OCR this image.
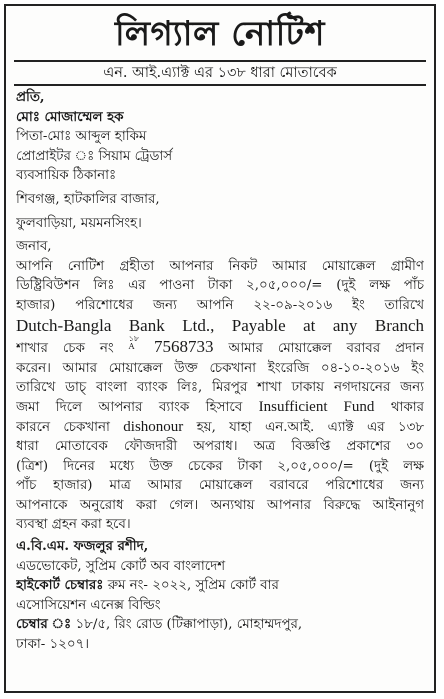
লিগ্যাল নোটিশ
এন. আই.এ্যাক্ট এর ১৩৮ ধারা মোতাবেক
প্রতি,
মোঃ মোজাম্মেল হক
পিতা-মোঃ আব্দুল হাকিম
প্রোপ্রাইটর ঃ সিয়াম ট্রেডার্স
ব্যবসায়িক ঠিকানাঃ
শিবগঞ্জ, হাটকালির বাজার,
ফুলবাড়িয়া, ময়মনসিংহ।
জনাব,
আপনি নোটিশ গ্রহীতা আপনার নিকট আমার মোয়াক্কেল গ্রামীণ
ডিষ্ট্রিবিউশন লিঃ এর পাওনা টাকা ২,০৫,০০০/= (দুই লক্ষ পাঁচ
হাজার) পরিশোধের জন্য আপনি ২২-০৯-২০১৬ ইং তারিখে
Dutch-Bangla Bank Ltd., Payable at any Branch
শাখার চেক নং
১৮
A 7568733 আমার মোয়াক্কেল বরাবর প্রদান
করেন। আমার মোয়াক্কেল উক্ত চেকখানা ইংরেজি ০৪-১০-২০১৬ ইং
তারিখে ডাচ্ বাংলা ব্যাংক লিঃ, মিরপুর শাখা ঢাকায় নগদায়নের জন্য
জমা দিলে আপনার ব্যাংক হিসাবে Insufficient Fund থাকার
কারনে চেকখানা dishonour হয়, যাহা এন.আই. এ্যাক্ট এর ১৩৮
ধারা মোতাবেক ফৌজদারী অপরাধ। অত্র বিজ্ঞপ্তি প্রকাশের ৩০
(ত্রিশ) দিনের মধ্যে উক্ত চেকের টাকা ২,০৫,০০০/= (দুই লক্ষ
পাঁচ হাজার) মাত্র আমার মোয়াক্কেল বরাবরে পরিশোধের জন্য
আপনাকে অনুরোধ করা গেল। অন্যথায় আপনার বিরুদ্ধে আইনানুগ
ব্যবস্থা গ্রহন করা হবে।
এ.বি.এম. ফজলুর রশীদ,
এডভোকেট, সুপ্রিম কোর্ট অব বাংলাদেশ
হাইকোর্ট চেম্বারঃ রুম নং- ২০২২, সুপ্রিম কোর্ট বার
এসোসিয়েশন এনেক্স বিল্ডিং
চেম্বার ঃ ১৮/৫, রিং রোড (টিক্কাপাড়া), মোহাম্মদপুর,
ঢাকা- ১২০৭।
